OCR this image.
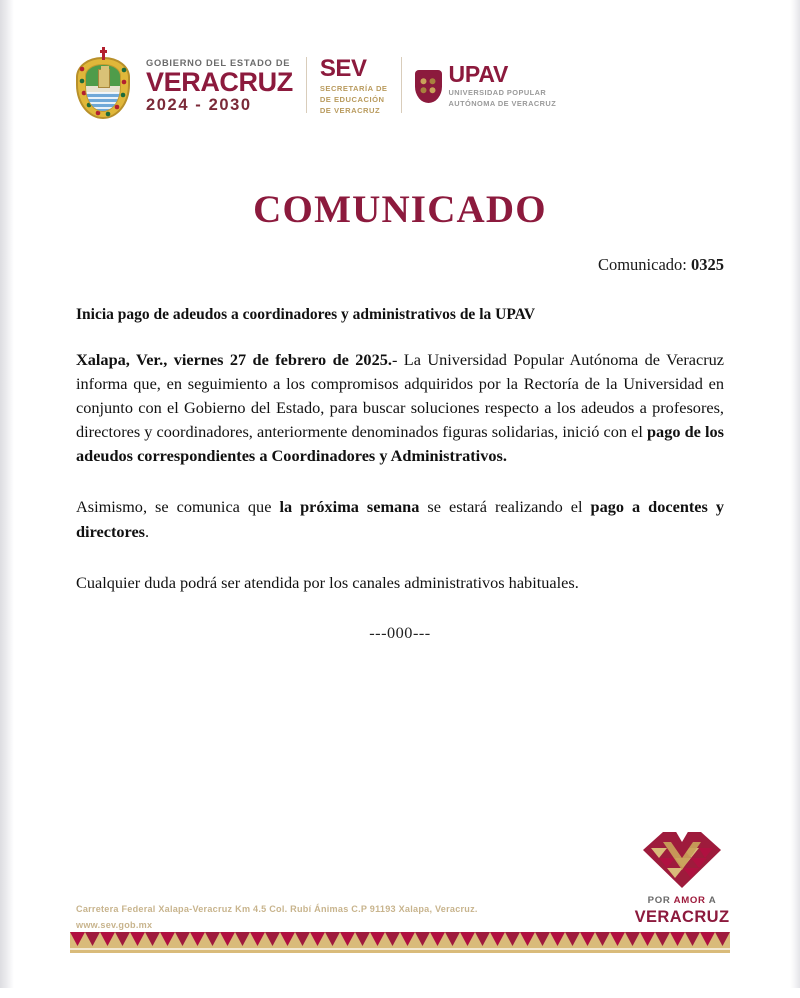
GOBIERNO DEL ESTADO DE
VERACRUZ
2024 - 2030
SEV
SECRETARÍA DE
DE EDUCACIÓN
DE VERACRUZ
UPAV
UNIVERSIDAD POPULAR
AUTÓNOMA DE VERACRUZ
COMUNICADO
Comunicado: 0325
Inicia pago de adeudos a coordinadores y administrativos de la UPAV
Xalapa, Ver., viernes 27 de febrero de 2025.- La Universidad Popular Autónoma de Veracruz informa que, en seguimiento a los compromisos adquiridos por la Rectoría de la Universidad en conjunto con el Gobierno del Estado, para buscar soluciones respecto a los adeudos a profesores, directores y coordinadores, anteriormente denominados figuras solidarias, inició con el pago de los adeudos correspondientes a Coordinadores y Administrativos.
Asimismo, se comunica que la próxima semana se estará realizando el pago a docentes y directores.
Cualquier duda podrá ser atendida por los canales administrativos habituales.
---000---
Carretera Federal Xalapa-Veracruz Km 4.5 Col. Rubí Ánimas C.P 91193 Xalapa, Veracruz.
www.sev.gob.mx
POR AMOR A
VERACRUZ
